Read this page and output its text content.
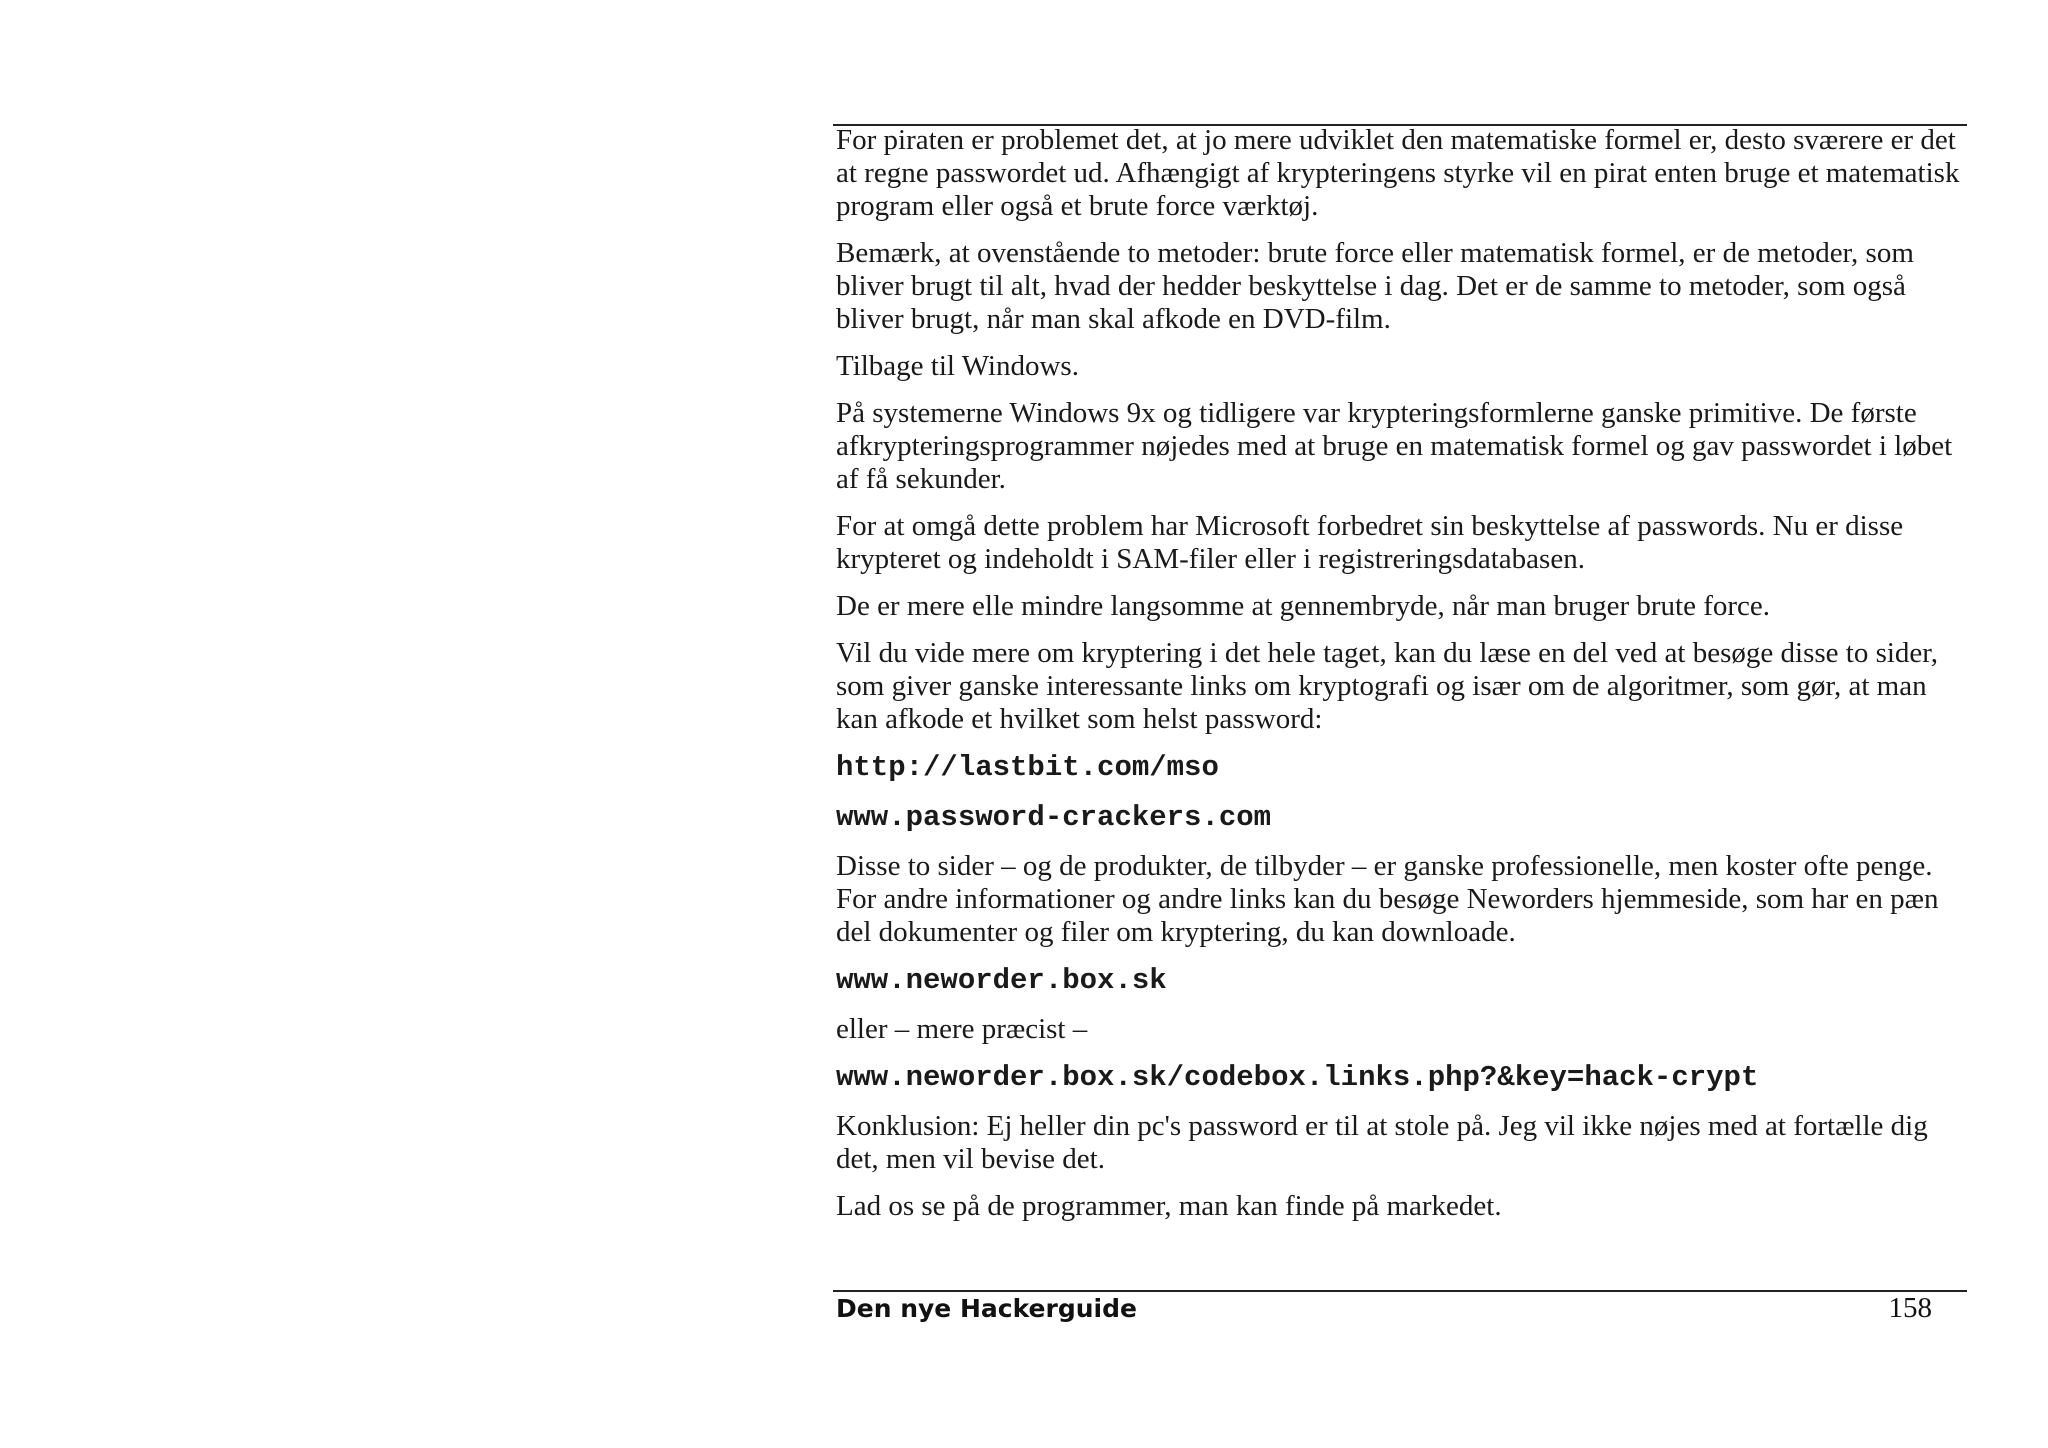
For piraten er problemet det, at jo mere udviklet den matematiske formel er, desto sværere er det at regne passwordet ud. Afhængigt af krypteringens styrke vil en pirat enten bruge et matematisk program eller også et brute force værktøj.

Bemærk, at ovenstående to metoder: brute force eller matematisk formel, er de metoder, som bliver brugt til alt, hvad der hedder beskyttelse i dag. Det er de samme to metoder, som også bliver brugt, når man skal afkode en DVD-film.

Tilbage til Windows.

På systemerne Windows 9x og tidligere var krypteringsformlerne ganske primitive. De første afkrypteringsprogrammer nøjedes med at bruge en matematisk formel og gav passwordet i løbet af få sekunder.

For at omgå dette problem har Microsoft forbedret sin beskyttelse af passwords. Nu er disse krypteret og indeholdt i SAM-filer eller i registreringsdatabasen.

De er mere elle mindre langsomme at gennembryde, når man bruger brute force.

Vil du vide mere om kryptering i det hele taget, kan du læse en del ved at besøge disse to sider, som giver ganske interessante links om kryptografi og især om de algoritmer, som gør, at man kan afkode et hvilket som helst password:

http://lastbit.com/mso
www.password-crackers.com

Disse to sider – og de produkter, de tilbyder – er ganske professionelle, men koster ofte penge. For andre informationer og andre links kan du besøge Neworders hjemmeside, som har en pæn del dokumenter og filer om kryptering, du kan downloade.

www.neworder.box.sk

eller – mere præcist –

www.neworder.box.sk/codebox.links.php?&key=hack-crypt

Konklusion: Ej heller din pc's password er til at stole på. Jeg vil ikke nøjes med at fortælle dig det, men vil bevise det.

Lad os se på de programmer, man kan finde på markedet.

Den nye Hackerguide	158
